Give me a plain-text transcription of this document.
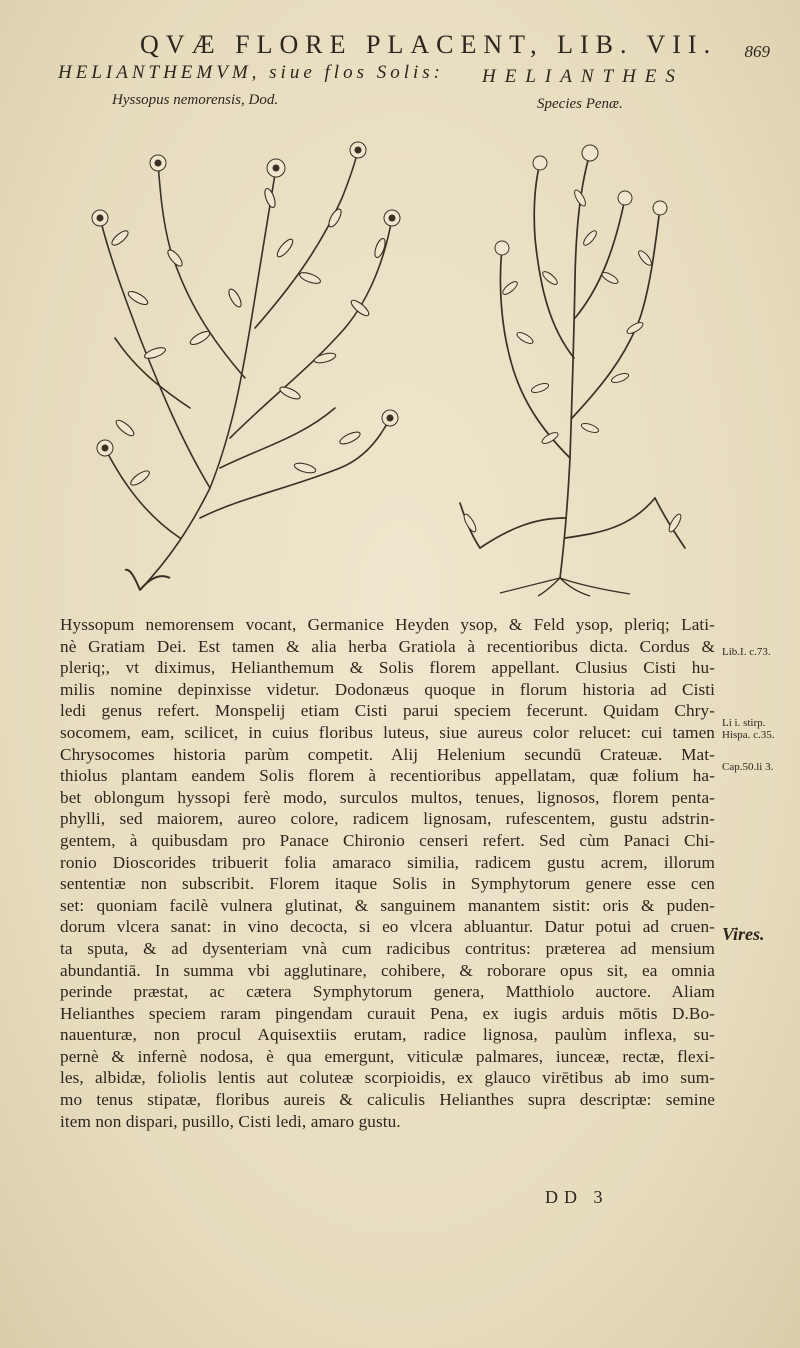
QVÆ FLORE PLACENT, LIB. VII. 869
HELIANTHEMVM, siue flos Solis:
Hyssopus nemorensis, Dod.
HELIANTHES
Species Penæ.
Hyssopum nemorensem vocant, Germanice Heyden ysop, & Feld ysop, pleriq; Lati-
nè Gratiam Dei. Est tamen & alia herba Gratiola à recentioribus dicta. Cordus &
pleriq;, vt diximus, Helianthemum & Solis florem appellant. Clusius Cisti hu-
milis nomine depinxisse videtur. Dodonæus quoque in florum historia ad Cisti
ledi genus refert. Monspelij etiam Cisti parui speciem fecerunt. Quidam Chry-
socomem, eam, scilicet, in cuius floribus luteus, siue aureus color relucet: cui tamen
Chrysocomes historia parùm competit. Alij Helenium secundū Crateuæ. Mat-
thiolus plantam eandem Solis florem à recentioribus appellatam, quæ folium ha-
bet oblongum hyssopi ferè modo, surculos multos, tenues, lignosos, florem penta-
phylli, sed maiorem, aureo colore, radicem lignosam, rufescentem, gustu adstrin-
gentem, à quibusdam pro Panace Chironio censeri refert. Sed cùm Panaci Chi-
ronio Dioscorides tribuerit folia amaraco similia, radicem gustu acrem, illorum
sententiæ non subscribit. Florem itaque Solis in Symphytorum genere esse cen
set: quoniam facilè vulnera glutinat, & sanguinem manantem sistit: oris & puden-
dorum vlcera sanat: in vino decocta, si eo vlcera abluantur. Datur potui ad cruen-
ta sputa, & ad dysenteriam vnà cum radicibus contritus: præterea ad mensium
abundantiā. In summa vbi agglutinare, cohibere, & roborare opus sit, ea omnia
perinde præstat, ac cætera Symphytorum genera, Matthiolo auctore. Aliam
Helianthes speciem raram pingendam curauit Pena, ex iugis arduis mōtis D.Bo-
nauenturæ, non procul Aquisextiis erutam, radice lignosa, paulùm inflexa, su-
pernè & infernè nodosa, è qua emergunt, viticulæ palmares, iunceæ, rectæ, flexi-
les, albidæ, foliolis lentis aut coluteæ scorpioidis, ex glauco virētibus ab imo sum-
mo tenus stipatæ, floribus aureis & caliculis Helianthes supra descriptæ: semine
item non dispari, pusillo, Cisti ledi, amaro gustu.
Lib.I. c.73.
Li i. stirp.
Hispa. c.35.
Cap.50.li 3.
Vires.
DD 3
